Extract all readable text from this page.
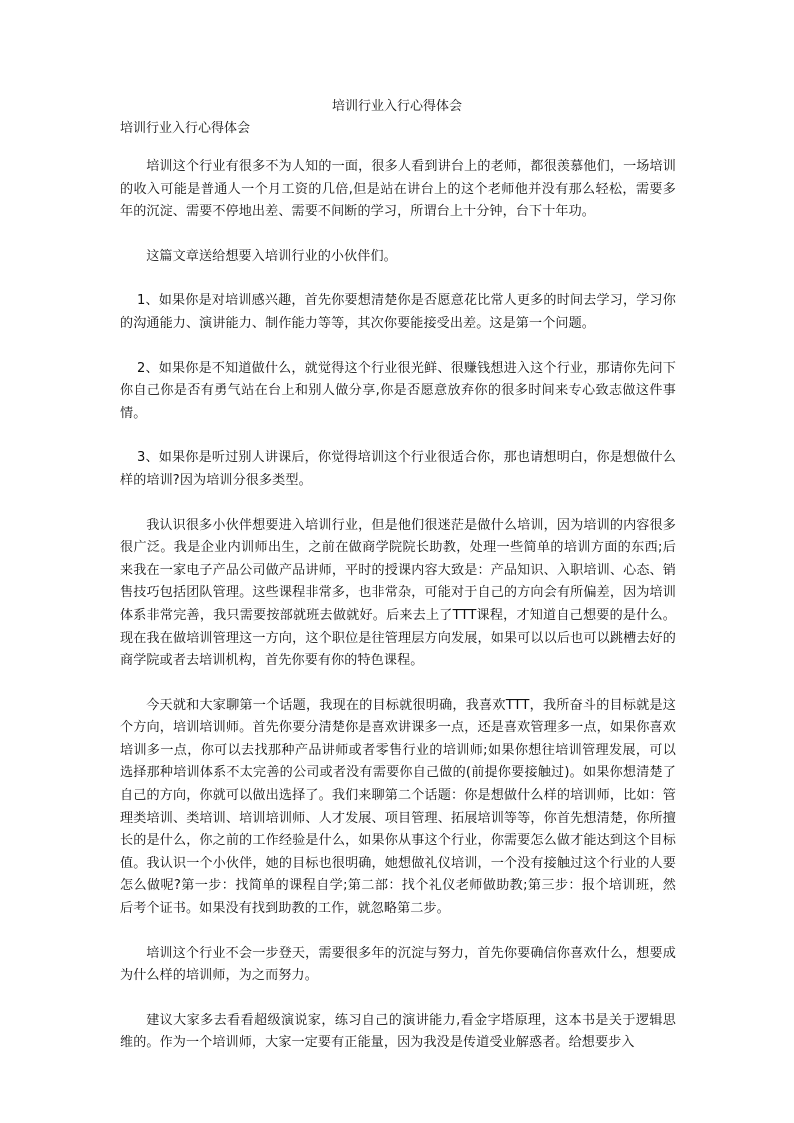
培训行业入行心得体会

培训行业入行心得体会

培训这个行业有很多不为人知的一面，很多人看到讲台上的老师，都很羡慕他们，一场培训的收入可能是普通人一个月工资的几倍,但是站在讲台上的这个老师他并没有那么轻松，需要多年的沉淀、需要不停地出差、需要不间断的学习，所谓台上十分钟，台下十年功。

这篇文章送给想要入培训行业的小伙伴们。

1、如果你是对培训感兴趣，首先你要想清楚你是否愿意花比常人更多的时间去学习，学习你的沟通能力、演讲能力、制作能力等等，其次你要能接受出差。这是第一个问题。

2、如果你是不知道做什么，就觉得这个行业很光鲜、很赚钱想进入这个行业，那请你先问下你自己你是否有勇气站在台上和别人做分享,你是否愿意放弃你的很多时间来专心致志做这件事情。

3、如果你是听过别人讲课后，你觉得培训这个行业很适合你，那也请想明白，你是想做什么样的培训?因为培训分很多类型。

我认识很多小伙伴想要进入培训行业，但是他们很迷茫是做什么培训，因为培训的内容很多很广泛。我是企业内训师出生，之前在做商学院院长助教，处理一些简单的培训方面的东西;后来我在一家电子产品公司做产品讲师，平时的授课内容大致是：产品知识、入职培训、心态、销售技巧包括团队管理。这些课程非常多，也非常杂，可能对于自己的方向会有所偏差，因为培训体系非常完善，我只需要按部就班去做就好。后来去上了TTT课程，才知道自己想要的是什么。现在我在做培训管理这一方向，这个职位是往管理层方向发展，如果可以以后也可以跳槽去好的商学院或者去培训机构，首先你要有你的特色课程。

今天就和大家聊第一个话题，我现在的目标就很明确，我喜欢TTT，我所奋斗的目标就是这个方向，培训培训师。首先你要分清楚你是喜欢讲课多一点，还是喜欢管理多一点，如果你喜欢培训多一点，你可以去找那种产品讲师或者零售行业的培训师;如果你想往培训管理发展，可以选择那种培训体系不太完善的公司或者没有需要你自己做的(前提你要接触过)。如果你想清楚了自己的方向，你就可以做出选择了。我们来聊第二个话题：你是想做什么样的培训师，比如：管理类培训、类培训、培训培训师、人才发展、项目管理、拓展培训等等，你首先想清楚，你所擅长的是什么，你之前的工作经验是什么，如果你从事这个行业，你需要怎么做才能达到这个目标值。我认识一个小伙伴，她的目标也很明确，她想做礼仪培训，一个没有接触过这个行业的人要怎么做呢?第一步：找简单的课程自学;第二部：找个礼仪老师做助教;第三步：报个培训班，然后考个证书。如果没有找到助教的工作，就忽略第二步。

培训这个行业不会一步登天，需要很多年的沉淀与努力，首先你要确信你喜欢什么，想要成为什么样的培训师，为之而努力。

建议大家多去看看超级演说家，练习自己的演讲能力,看金字塔原理，这本书是关于逻辑思维的。作为一个培训师，大家一定要有正能量，因为我没是传道受业解惑者。给想要步入
